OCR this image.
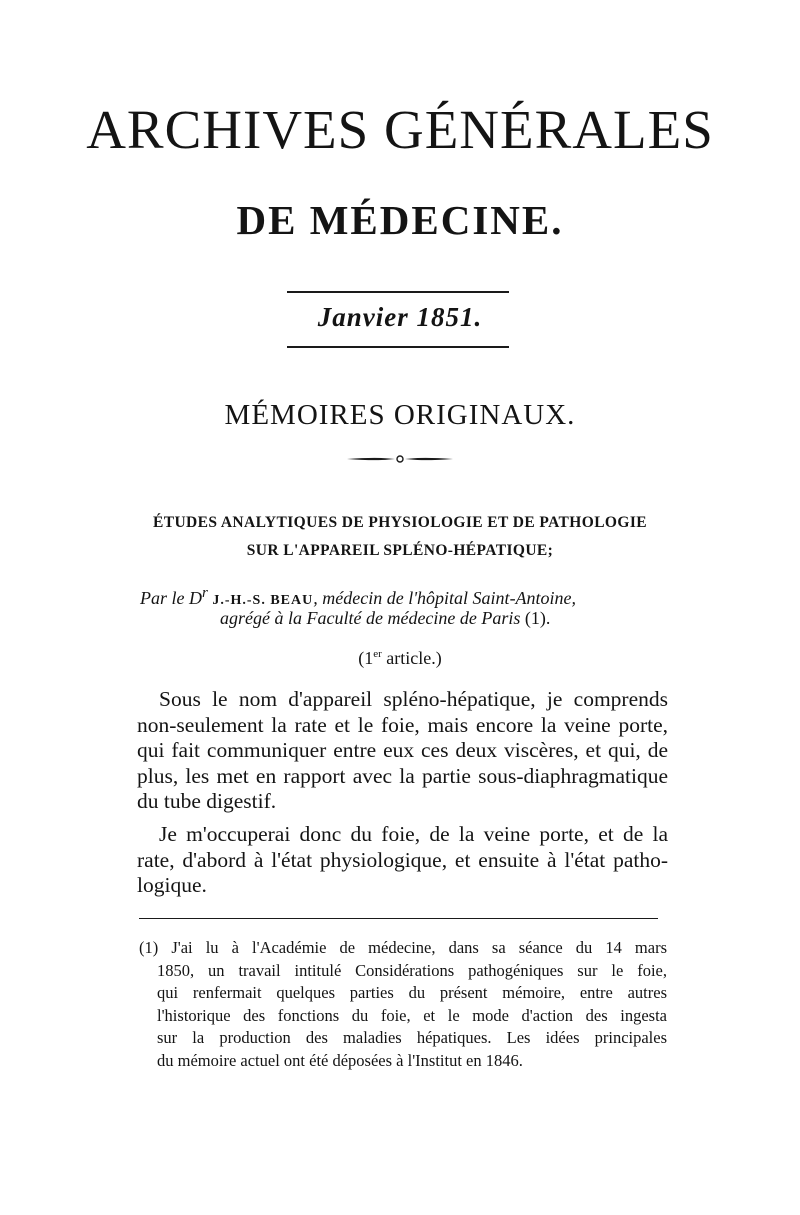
ARCHIVES GÉNÉRALES
DE MÉDECINE.
Janvier 1851.
MÉMOIRES ORIGINAUX.
ÉTUDES ANALYTIQUES DE PHYSIOLOGIE ET DE PATHOLOGIE
SUR L'APPAREIL SPLÉNO-HÉPATIQUE;
Par le $D^r$ J.-H.-S. BEAU, médecin de l'hôpital Saint-Antoine,
agrégé à la Faculté de médecine de Paris (1).
(1er article.)
Sous le nom d'appareil spléno-hépatique, je comprends
non-seulement la rate et le foie, mais encore la veine porte,
qui fait communiquer entre eux ces deux viscères, et qui, de
plus, les met en rapport avec la partie sous-diaphragmatique
du tube digestif.
Je m'occuperai donc du foie, de la veine porte, et de la
rate, d'abord à l'état physiologique, et ensuite à l'état patho-
logique.
(1) J'ai lu à l'Académie de médecine, dans sa séance du 14 mars
1850, un travail intitulé Considérations pathogéniques sur le foie,
qui renfermait quelques parties du présent mémoire, entre autres
l'historique des fonctions du foie, et le mode d'action des ingesta
sur la production des maladies hépatiques. Les idées principales
du mémoire actuel ont été déposées à l'Institut en 1846.
